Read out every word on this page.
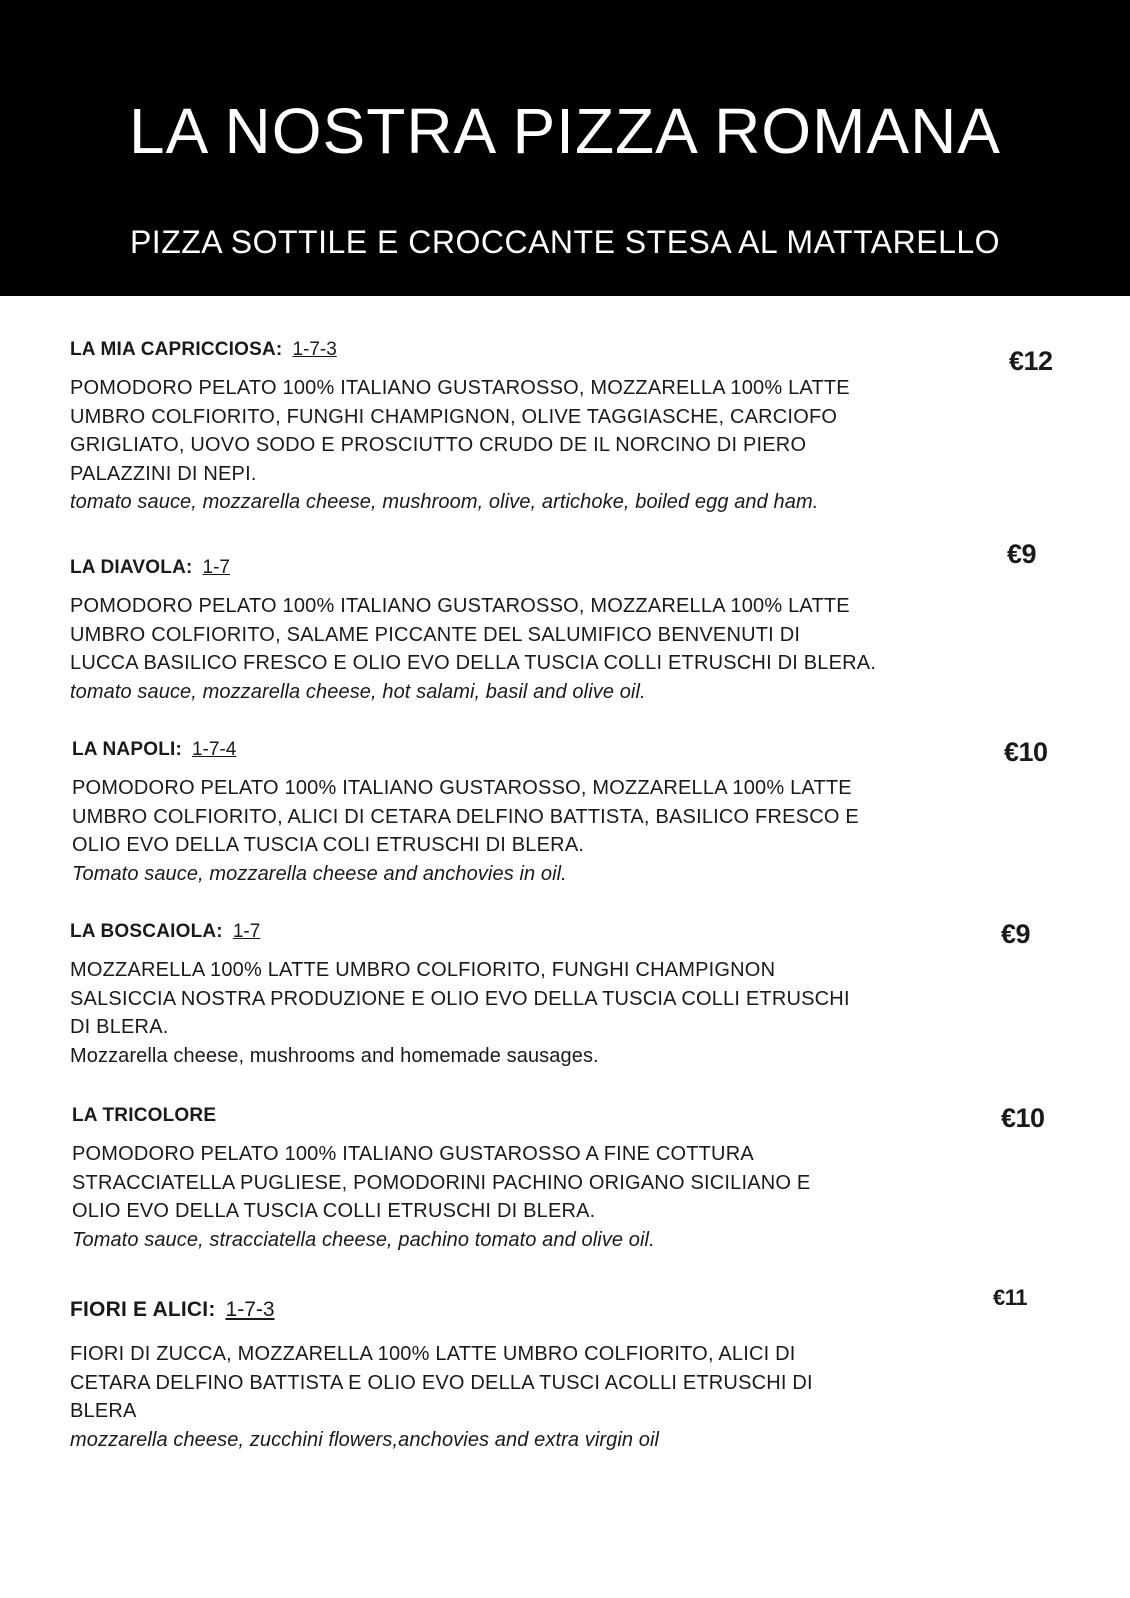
LA NOSTRA PIZZA ROMANA
PIZZA SOTTILE E CROCCANTE STESA AL MATTARELLO
LA MIA CAPRICCIOSA: 1-7-3
POMODORO PELATO 100% ITALIANO GUSTAROSSO, MOZZARELLA 100% LATTE
UMBRO COLFIORITO, FUNGHI CHAMPIGNON, OLIVE TAGGIASCHE, CARCIOFO
GRIGLIATO, UOVO SODO E PROSCIUTTO CRUDO DE IL NORCINO DI PIERO
PALAZZINI DI NEPI.
tomato sauce, mozzarella cheese, mushroom, olive, artichoke, boiled egg and ham.
€12
LA DIAVOLA: 1-7
POMODORO PELATO 100% ITALIANO GUSTAROSSO, MOZZARELLA 100% LATTE
UMBRO COLFIORITO, SALAME PICCANTE DEL SALUMIFICO BENVENUTI DI
LUCCA BASILICO FRESCO E OLIO EVO DELLA TUSCIA COLLI ETRUSCHI DI BLERA.
tomato sauce, mozzarella cheese, hot salami, basil and olive oil.
€9
LA NAPOLI: 1-7-4
POMODORO PELATO 100% ITALIANO GUSTAROSSO, MOZZARELLA 100% LATTE
UMBRO COLFIORITO, ALICI DI CETARA DELFINO BATTISTA, BASILICO FRESCO E
OLIO EVO DELLA TUSCIA COLI ETRUSCHI DI BLERA.
Tomato sauce, mozzarella cheese and anchovies in oil.
€10
LA BOSCAIOLA: 1-7
MOZZARELLA 100% LATTE UMBRO COLFIORITO, FUNGHI CHAMPIGNON
SALSICCIA NOSTRA PRODUZIONE E OLIO EVO DELLA TUSCIA COLLI ETRUSCHI
DI BLERA.
Mozzarella cheese, mushrooms and homemade sausages.
€9
LA TRICOLORE
POMODORO PELATO 100% ITALIANO GUSTAROSSO A FINE COTTURA
STRACCIATELLA PUGLIESE, POMODORINI PACHINO ORIGANO SICILIANO E
OLIO EVO DELLA TUSCIA COLLI ETRUSCHI DI BLERA.
Tomato sauce, stracciatella cheese, pachino tomato and olive oil.
€10
FIORI E ALICI: 1-7-3
FIORI DI ZUCCA, MOZZARELLA 100% LATTE UMBRO COLFIORITO, ALICI DI
CETARA DELFINO BATTISTA E OLIO EVO DELLA TUSCI ACOLLI ETRUSCHI DI
BLERA
mozzarella cheese, zucchini flowers,anchovies and extra virgin oil
€11
